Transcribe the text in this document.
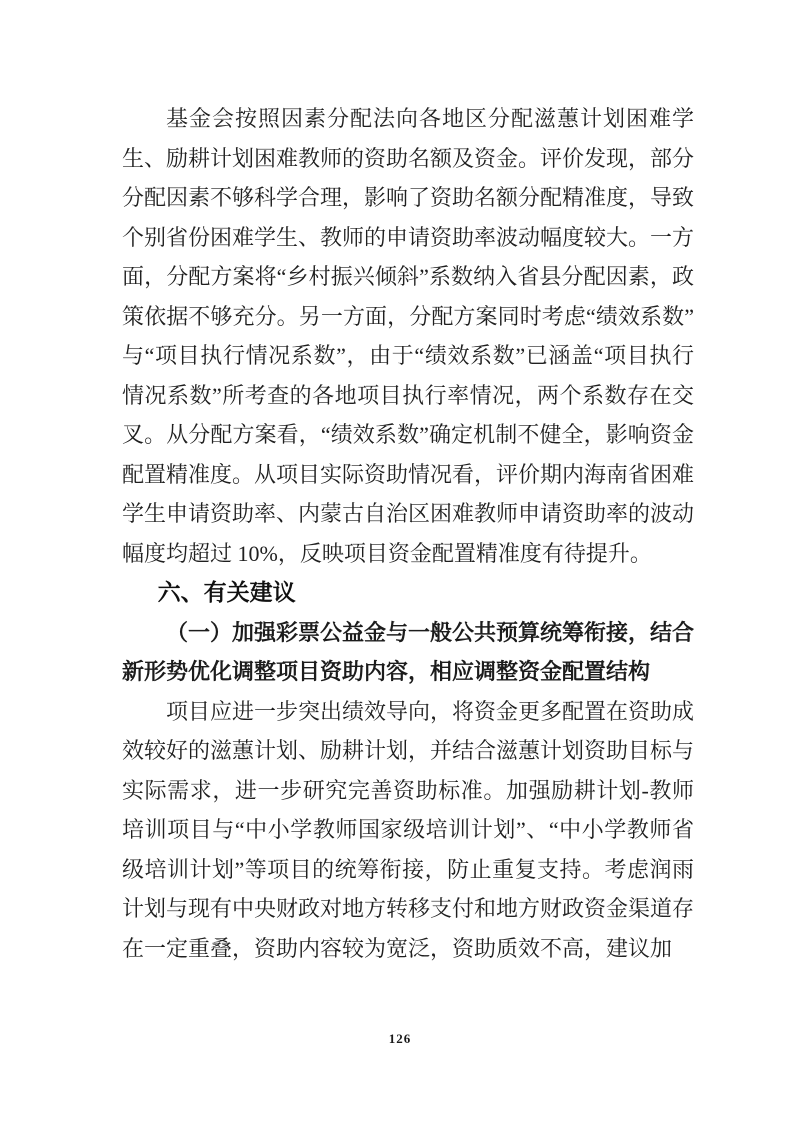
基金会按照因素分配法向各地区分配滋蕙计划困难学生、励耕计划困难教师的资助名额及资金。评价发现，部分分配因素不够科学合理，影响了资助名额分配精准度，导致个别省份困难学生、教师的申请资助率波动幅度较大。一方面，分配方案将“乡村振兴倾斜”系数纳入省县分配因素，政策依据不够充分。另一方面，分配方案同时考虑“绩效系数”与“项目执行情况系数”，由于“绩效系数”已涵盖“项目执行情况系数”所考查的各地项目执行率情况，两个系数存在交叉。从分配方案看，“绩效系数”确定机制不健全，影响资金配置精准度。从项目实际资助情况看，评价期内海南省困难学生申请资助率、内蒙古自治区困难教师申请资助率的波动幅度均超过 10%，反映项目资金配置精准度有待提升。

六、有关建议
（一）加强彩票公益金与一般公共预算统筹衔接，结合新形势优化调整项目资助内容，相应调整资金配置结构

项目应进一步突出绩效导向，将资金更多配置在资助成效较好的滋蕙计划、励耕计划，并结合滋蕙计划资助目标与实际需求，进一步研究完善资助标准。加强励耕计划-教师培训项目与“中小学教师国家级培训计划”、“中小学教师省级培训计划”等项目的统筹衔接，防止重复支持。考虑润雨计划与现有中央财政对地方转移支付和地方财政资金渠道存在一定重叠，资助内容较为宽泛，资助质效不高，建议加

126
